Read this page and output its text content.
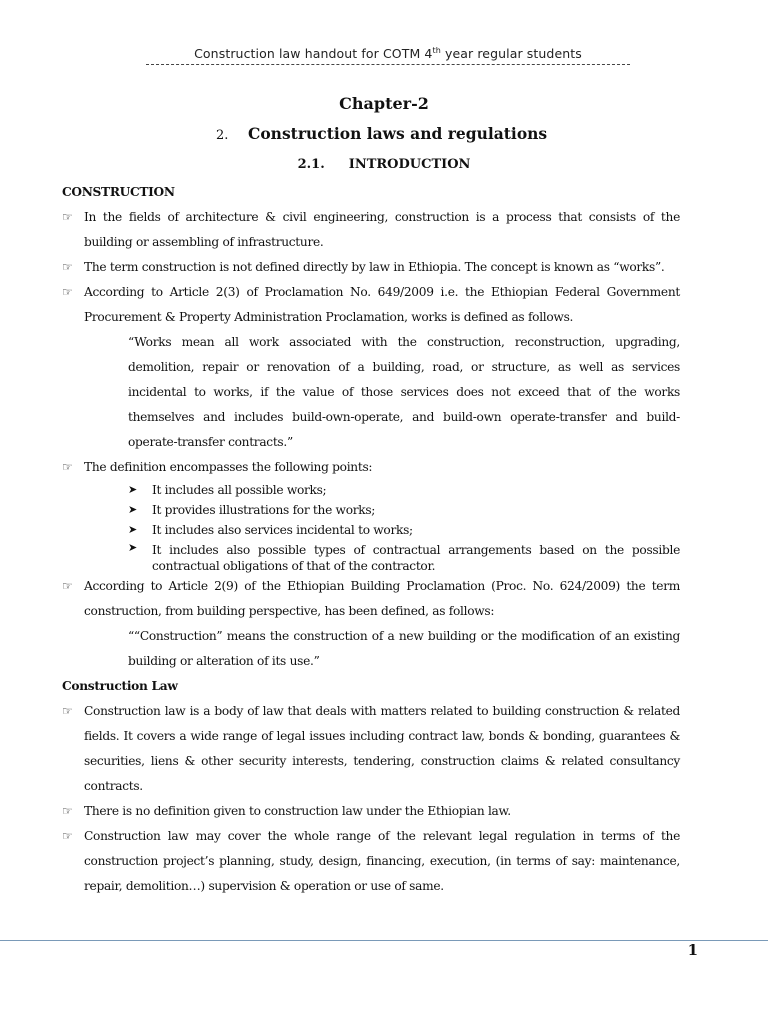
Construction law handout for COTM 4th year regular students
Chapter-2
2. Construction laws and regulations
2.1. INTRODUCTION

CONSTRUCTION

☞ In the fields of architecture & civil engineering, construction is a process that consists of the building or assembling of infrastructure.

☞ The term construction is not defined directly by law in Ethiopia. The concept is known as “works”.

☞ According to Article 2(3) of Proclamation No. 649/2009 i.e. the Ethiopian Federal Government Procurement & Property Administration Proclamation, works is defined as follows.

“Works mean all work associated with the construction, reconstruction, upgrading, demolition, repair or renovation of a building, road, or structure, as well as services incidental to works, if the value of those services does not exceed that of the works themselves and includes build-own-operate, and build-own operate-transfer and build-operate-transfer contracts.”

☞ The definition encompasses the following points:

➤ It includes all possible works;
➤ It provides illustrations for the works;
➤ It includes also services incidental to works;
➤ It includes also possible types of contractual arrangements based on the possible contractual obligations of that of the contractor.

☞ According to Article 2(9) of the Ethiopian Building Proclamation (Proc. No. 624/2009) the term construction, from building perspective, has been defined, as follows:

““Construction” means the construction of a new building or the modification of an existing building or alteration of its use.”

Construction Law

☞ Construction law is a body of law that deals with matters related to building construction & related fields. It covers a wide range of legal issues including contract law, bonds & bonding, guarantees & securities, liens & other security interests, tendering, construction claims & related consultancy contracts.

☞ There is no definition given to construction law under the Ethiopian law.

☞ Construction law may cover the whole range of the relevant legal regulation in terms of the construction project’s planning, study, design, financing, execution, (in terms of say: maintenance, repair, demolition…) supervision & operation or use of same.

1
